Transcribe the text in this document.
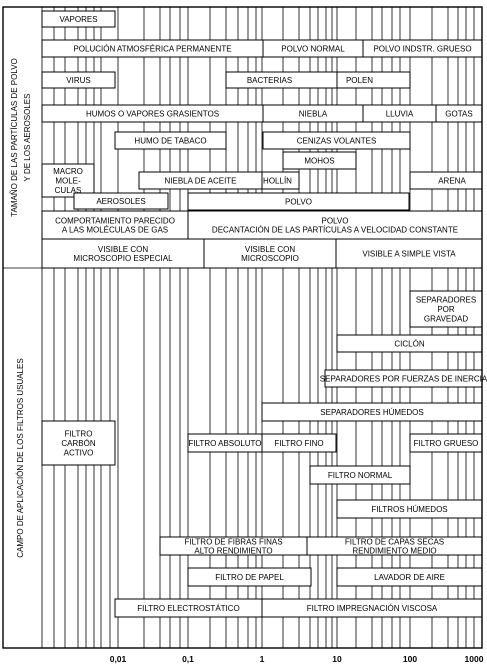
VAPORES
POLUCIÓN ATMOSFÉRICA PERMANENTE	POLVO NORMAL	POLVO INDSTR. GRUESO
VIRUS	BACTERIAS	POLEN
HUMOS O VAPORES GRASIENTOS	NIEBLA	LLUVIA	GOTAS
HUMO DE TABACO	CENIZAS VOLANTES
MOHOS
MACRO MOLE-CULAS
NIEBLA DE ACEITE	HOLLÍN	ARENA
AEROSOLES	POLVO
COMPORTAMIENTO PARECIDO A LAS MOLÉCULAS DE GAS
POLVO DECANTACIÓN DE LAS PARTÍCULAS A VELOCIDAD CONSTANTE
VISIBLE CON MICROSCOPIO ESPECIAL
VISIBLE CON MICROSCOPIO
VISIBLE A SIMPLE VISTA
SEPARADORES POR GRAVEDAD
CICLÓN
SEPARADORES POR FUERZAS DE INERCIA
SEPARADORES HÚMEDOS
FILTRO CARBÓN ACTIVO
FILTRO ABSOLUTO FILTRO FINO	FILTRO GRUESO
FILTRO NORMAL
FILTROS HÚMEDOS
FILTRO DE FIBRAS FINAS ALTO RENDIMIENTO
FILTRO DE CAPAS SECAS RENDIMIENTO MEDIO
FILTRO DE PAPEL	LAVADOR DE AIRE
FILTRO ELECTROSTÁTICO	FILTRO IMPREGNACIÓN VISCOSA
0,01	0,1	1	10	100	1000
TAMAÑO DE LAS PARTÍCULAS DE POLVO Y DE LOS AEROSOLES
CAMPO DE APLICACIÓN DE LOS FILTROS USUALES
